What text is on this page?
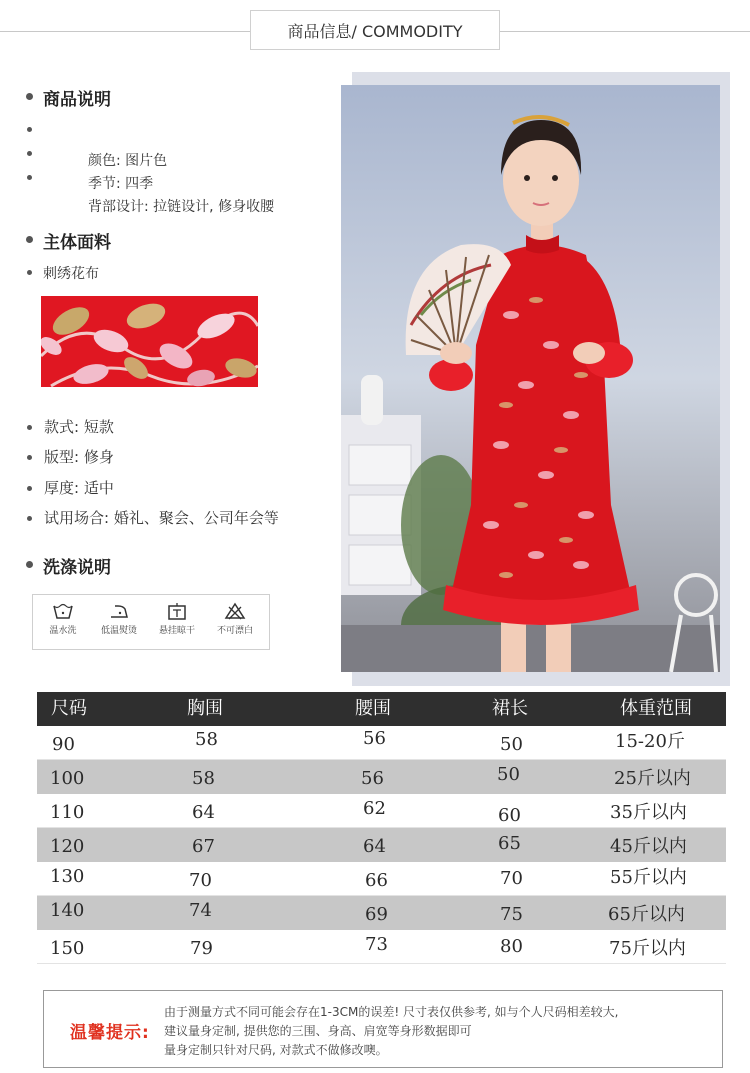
商品信息/ COMMODITY
商品说明
颜色: 图片色
季节: 四季
背部设计: 拉链设计, 修身收腰
主体面料
刺绣花布
款式: 短款
版型: 修身
厚度: 适中
试用场合: 婚礼、聚会、公司年会等
洗涤说明
温水洗	低温熨烫	悬挂晾干	不可漂白
尺码	胸围	腰围	裙长	体重范围
90	58	56	50	15-20斤
100	58	56	50	25斤以内
110	64	62	60	35斤以内
120	67	64	65	45斤以内
130	70	66	70	55斤以内
140	74	69	75	65斤以内
150	79	73	80	75斤以内
温馨提示:
由于测量方式不同可能会存在1-3CM的误差! 尺寸表仅供参考, 如与个人尺码相差较大,
建议量身定制, 提供您的三围、身高、肩宽等身形数据即可
量身定制只针对尺码, 对款式不做修改噢。
